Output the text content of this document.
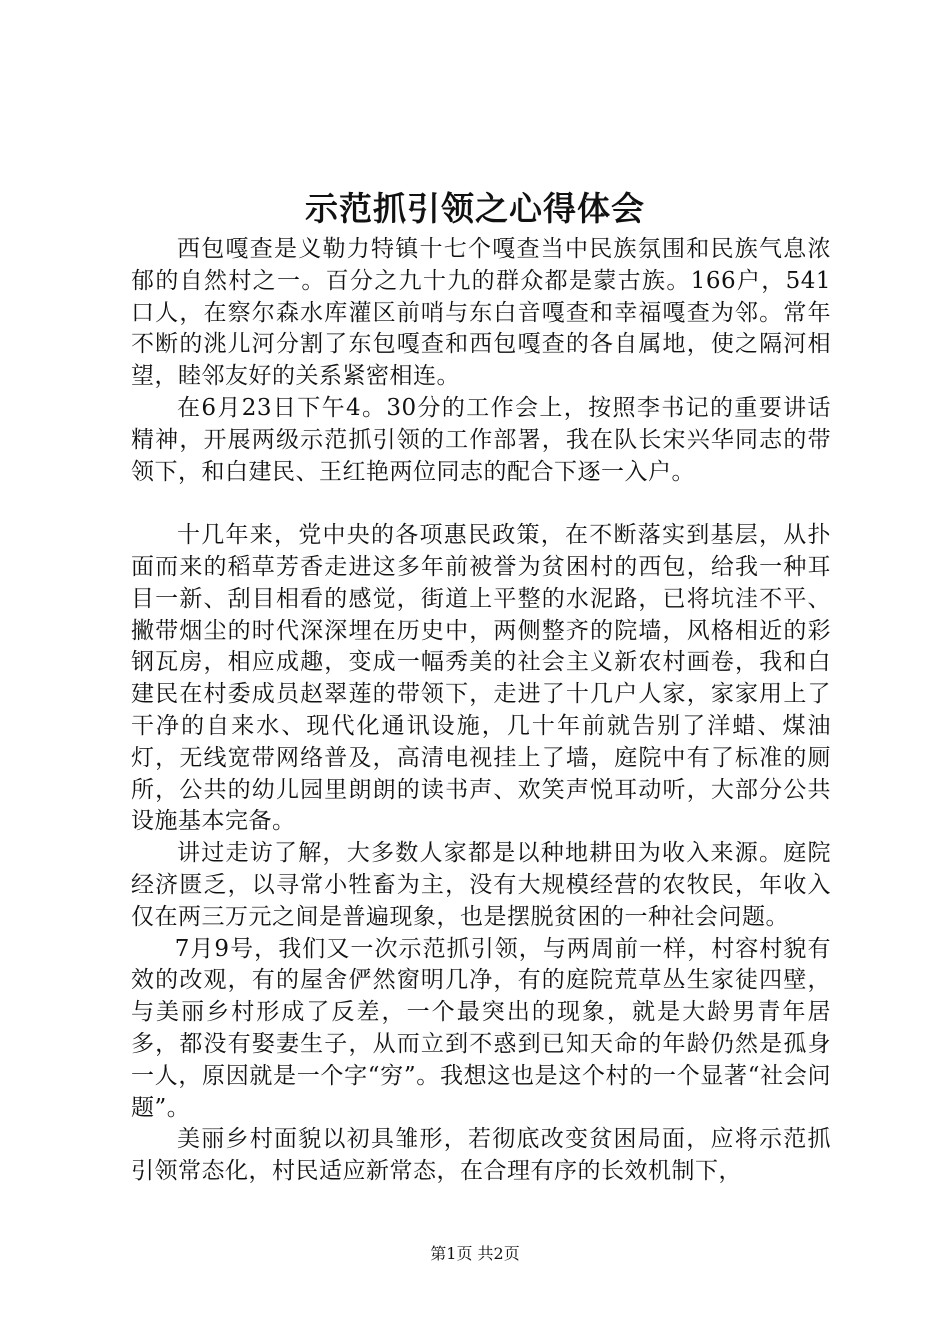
示范抓引领之心得体会

西包嘎查是义勒力特镇十七个嘎查当中民族氛围和民族气息浓郁的自然村之一。百分之九十九的群众都是蒙古族。166户，541口人，在察尔森水库灌区前哨与东白音嘎查和幸福嘎查为邻。常年不断的洮儿河分割了东包嘎查和西包嘎查的各自属地，使之隔河相望，睦邻友好的关系紧密相连。

在6月23日下午4。30分的工作会上，按照李书记的重要讲话精神，开展两级示范抓引领的工作部署，我在队长宋兴华同志的带领下，和白建民、王红艳两位同志的配合下逐一入户。

十几年来，党中央的各项惠民政策，在不断落实到基层，从扑面而来的稻草芳香走进这多年前被誉为贫困村的西包，给我一种耳目一新、刮目相看的感觉，街道上平整的水泥路，已将坑洼不平、撇带烟尘的时代深深埋在历史中，两侧整齐的院墙，风格相近的彩钢瓦房，相应成趣，变成一幅秀美的社会主义新农村画卷，我和白建民在村委成员赵翠莲的带领下，走进了十几户人家，家家用上了干净的自来水、现代化通讯设施，几十年前就告别了洋蜡、煤油灯，无线宽带网络普及，高清电视挂上了墙，庭院中有了标准的厕所，公共的幼儿园里朗朗的读书声、欢笑声悦耳动听，大部分公共设施基本完备。

讲过走访了解，大多数人家都是以种地耕田为收入来源。庭院经济匮乏，以寻常小牲畜为主，没有大规模经营的农牧民，年收入仅在两三万元之间是普遍现象，也是摆脱贫困的一种社会问题。

7月9号，我们又一次示范抓引领，与两周前一样，村容村貌有效的改观，有的屋舍俨然窗明几净，有的庭院荒草丛生家徒四壁，与美丽乡村形成了反差，一个最突出的现象，就是大龄男青年居多，都没有娶妻生子，从而立到不惑到已知天命的年龄仍然是孤身一人，原因就是一个字“穷”。我想这也是这个村的一个显著“社会问题”。

美丽乡村面貌以初具雏形，若彻底改变贫困局面，应将示范抓引领常态化，村民适应新常态，在合理有序的长效机制下，

第1页 共2页
